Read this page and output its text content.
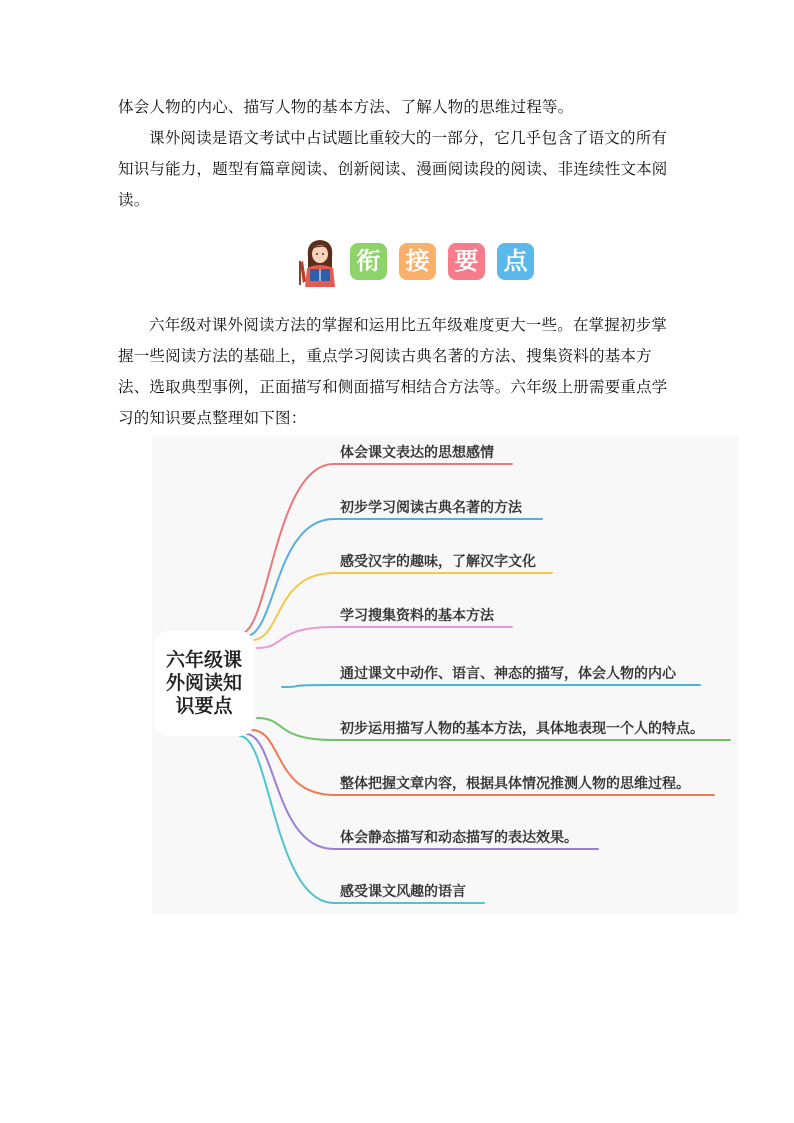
体会人物的内心、描写人物的基本方法、了解人物的思维过程等。
课外阅读是语文考试中占试题比重较大的一部分，它几乎包含了语文的所有知识与能力，题型有篇章阅读、创新阅读、漫画阅读段的阅读、非连续性文本阅读。
衔 接 要 点
六年级对课外阅读方法的掌握和运用比五年级难度更大一些。在掌握初步掌握一些阅读方法的基础上，重点学习阅读古典名著的方法、搜集资料的基本方法、选取典型事例，正面描写和侧面描写相结合方法等。六年级上册需要重点学习的知识要点整理如下图：
六年级课
外阅读知
识要点
体会课文表达的思想感情
初步学习阅读古典名著的方法
感受汉字的趣味，了解汉字文化
学习搜集资料的基本方法
通过课文中动作、语言、神态的描写，体会人物的内心
初步运用描写人物的基本方法，具体地表现一个人的特点。
整体把握文章内容，根据具体情况推测人物的思维过程。
体会静态描写和动态描写的表达效果。
感受课文风趣的语言
